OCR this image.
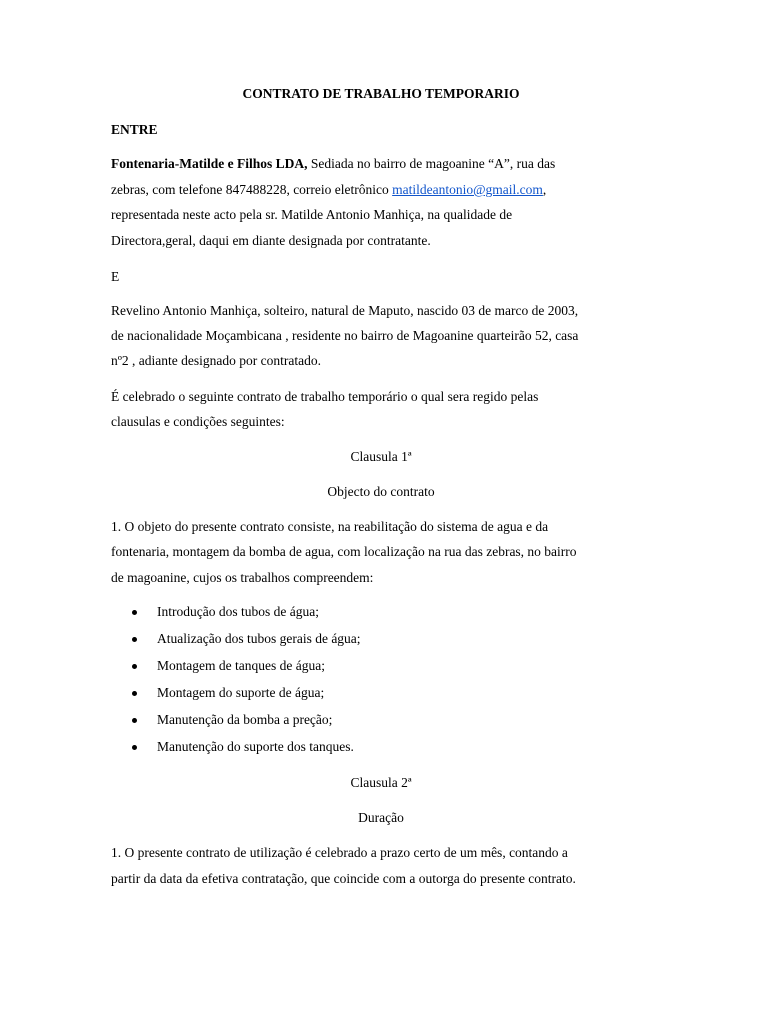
CONTRATO DE TRABALHO TEMPORARIO
ENTRE
Fontenaria-Matilde e Filhos LDA, Sediada no bairro de magoanine “A”, rua das
zebras, com telefone 847488228, correio eletrônico matildeantonio@gmail.com,
representada neste acto pela sr. Matilde Antonio Manhiça, na qualidade de
Directora,geral, daqui em diante designada por contratante.
E
Revelino Antonio Manhiça, solteiro, natural de Maputo, nascido 03 de marco de 2003,
de nacionalidade Moçambicana , residente no bairro de Magoanine quarteirão 52, casa
nº2 , adiante designado por contratado.
É celebrado o seguinte contrato de trabalho temporário o qual sera regido pelas
clausulas e condições seguintes:
Clausula 1ª
Objecto do contrato
1. O objeto do presente contrato consiste, na reabilitação do sistema de agua e da
fontenaria, montagem da bomba de agua, com localização na rua das zebras, no bairro
de magoanine, cujos os trabalhos compreendem:
Introdução dos tubos de água;
Atualização dos tubos gerais de água;
Montagem de tanques de água;
Montagem do suporte de água;
Manutenção da bomba a preção;
Manutenção do suporte dos tanques.
Clausula 2ª
Duração
1. O presente contrato de utilização é celebrado a prazo certo de um mês, contando a
partir da data da efetiva contratação, que coincide com a outorga do presente contrato.
